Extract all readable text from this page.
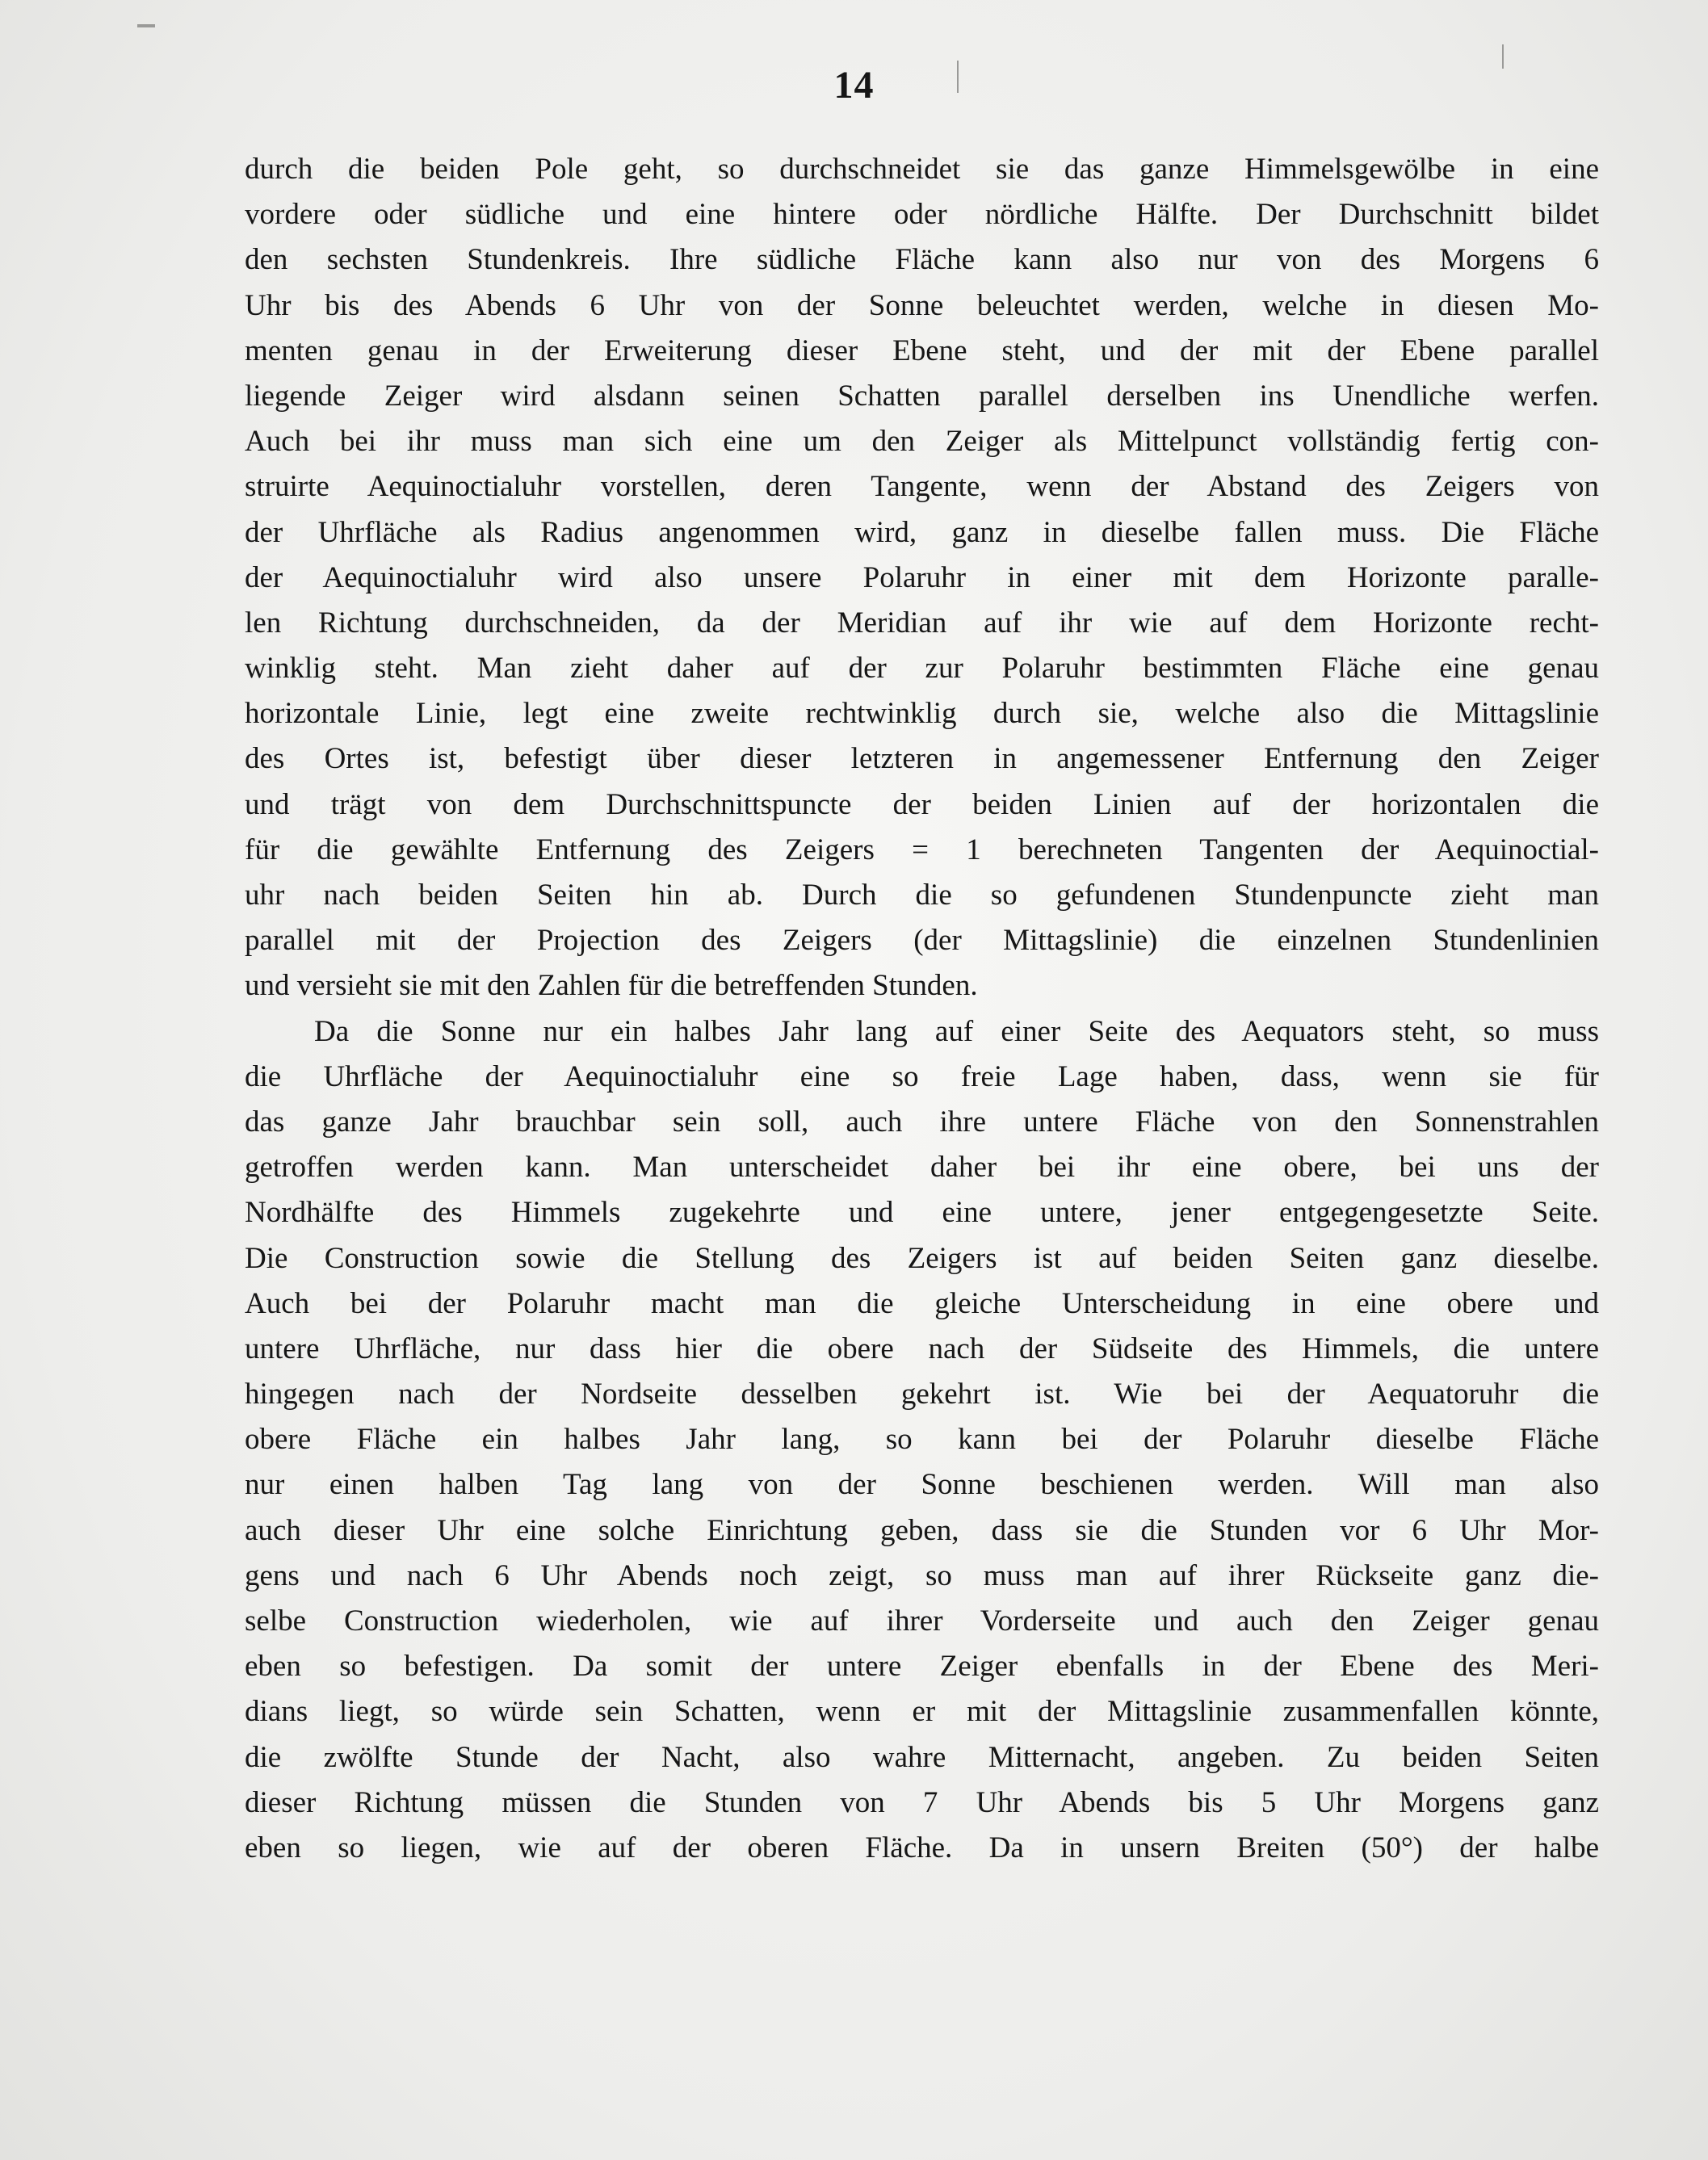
14
durch die beiden Pole geht, so durchschneidet sie das ganze Himmelsgewölbe in eine
vordere oder südliche und eine hintere oder nördliche Hälfte. Der Durchschnitt bildet
den sechsten Stundenkreis. Ihre südliche Fläche kann also nur von des Morgens 6
Uhr bis des Abends 6 Uhr von der Sonne beleuchtet werden, welche in diesen Mo-
menten genau in der Erweiterung dieser Ebene steht, und der mit der Ebene parallel
liegende Zeiger wird alsdann seinen Schatten parallel derselben ins Unendliche werfen.
Auch bei ihr muss man sich eine um den Zeiger als Mittelpunct vollständig fertig con-
struirte Aequinoctialuhr vorstellen, deren Tangente, wenn der Abstand des Zeigers von
der Uhrfläche als Radius angenommen wird, ganz in dieselbe fallen muss. Die Fläche
der Aequinoctialuhr wird also unsere Polaruhr in einer mit dem Horizonte paralle-
len Richtung durchschneiden, da der Meridian auf ihr wie auf dem Horizonte recht-
winklig steht. Man zieht daher auf der zur Polaruhr bestimmten Fläche eine genau
horizontale Linie, legt eine zweite rechtwinklig durch sie, welche also die Mittagslinie
des Ortes ist, befestigt über dieser letzteren in angemessener Entfernung den Zeiger
und trägt von dem Durchschnittspuncte der beiden Linien auf der horizontalen die
für die gewählte Entfernung des Zeigers = 1 berechneten Tangenten der Aequinoctial-
uhr nach beiden Seiten hin ab. Durch die so gefundenen Stundenpuncte zieht man
parallel mit der Projection des Zeigers (der Mittagslinie) die einzelnen Stundenlinien
und versieht sie mit den Zahlen für die betreffenden Stunden.
Da die Sonne nur ein halbes Jahr lang auf einer Seite des Aequators steht, so muss
die Uhrfläche der Aequinoctialuhr eine so freie Lage haben, dass, wenn sie für
das ganze Jahr brauchbar sein soll, auch ihre untere Fläche von den Sonnenstrahlen
getroffen werden kann. Man unterscheidet daher bei ihr eine obere, bei uns der
Nordhälfte des Himmels zugekehrte und eine untere, jener entgegengesetzte Seite.
Die Construction sowie die Stellung des Zeigers ist auf beiden Seiten ganz dieselbe.
Auch bei der Polaruhr macht man die gleiche Unterscheidung in eine obere und
untere Uhrfläche, nur dass hier die obere nach der Südseite des Himmels, die untere
hingegen nach der Nordseite desselben gekehrt ist. Wie bei der Aequatoruhr die
obere Fläche ein halbes Jahr lang, so kann bei der Polaruhr dieselbe Fläche
nur einen halben Tag lang von der Sonne beschienen werden. Will man also
auch dieser Uhr eine solche Einrichtung geben, dass sie die Stunden vor 6 Uhr Mor-
gens und nach 6 Uhr Abends noch zeigt, so muss man auf ihrer Rückseite ganz die-
selbe Construction wiederholen, wie auf ihrer Vorderseite und auch den Zeiger genau
eben so befestigen. Da somit der untere Zeiger ebenfalls in der Ebene des Meri-
dians liegt, so würde sein Schatten, wenn er mit der Mittagslinie zusammenfallen könnte,
die zwölfte Stunde der Nacht, also wahre Mitternacht, angeben. Zu beiden Seiten
dieser Richtung müssen die Stunden von 7 Uhr Abends bis 5 Uhr Morgens ganz
eben so liegen, wie auf der oberen Fläche. Da in unsern Breiten (50°) der halbe
